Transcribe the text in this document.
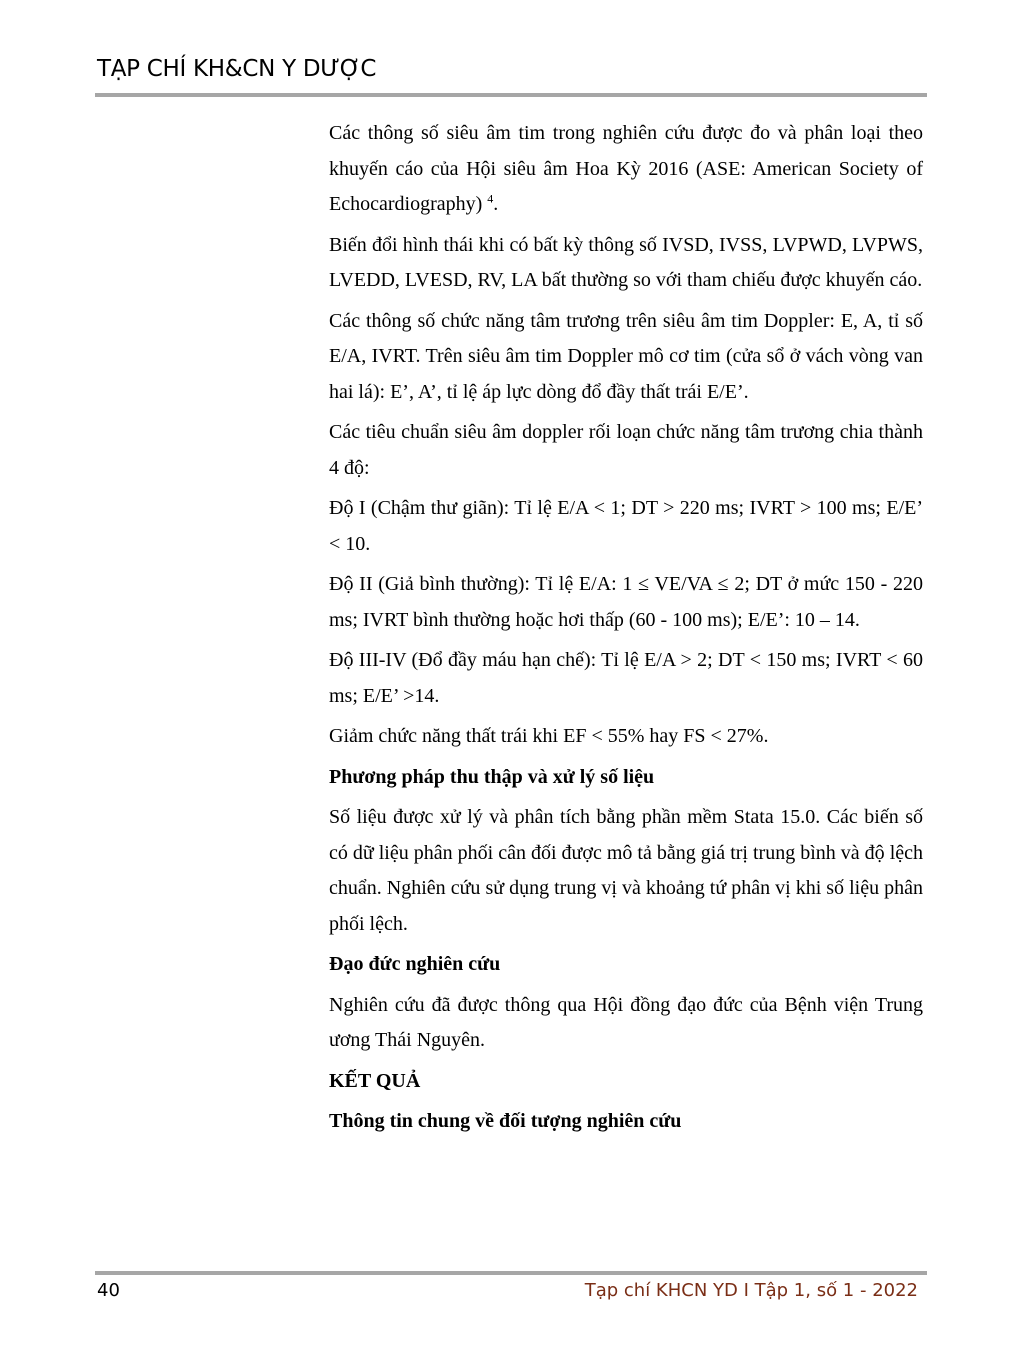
TẠP CHÍ KH&CN Y DƯỢC

Các thông số siêu âm tim trong nghiên cứu được đo và phân loại theo khuyến cáo của Hội siêu âm Hoa Kỳ 2016 (ASE: American Society of Echocardiography) $^4$.

Biến đổi hình thái khi có bất kỳ thông số IVSD, IVSS, LVPWD, LVPWS, LVEDD, LVESD, RV, LA bất thường so với tham chiếu được khuyến cáo.

Các thông số chức năng tâm trương trên siêu âm tim Doppler: E, A, tỉ số E/A, IVRT. Trên siêu âm tim Doppler mô cơ tim (cửa sổ ở vách vòng van hai lá): E’, A’, tỉ lệ áp lực dòng đổ đầy thất trái E/E’.

Các tiêu chuẩn siêu âm doppler rối loạn chức năng tâm trương chia thành 4 độ:

Độ I (Chậm thư giãn): Tỉ lệ E/A < 1; DT > 220 ms; IVRT > 100 ms; E/E’ < 10.

Độ II (Giả bình thường): Tỉ lệ E/A: 1 ≤ VE/VA ≤ 2; DT ở mức 150 - 220 ms; IVRT bình thường hoặc hơi thấp (60 - 100 ms); E/E’: 10 – 14.

Độ III-IV (Đổ đầy máu hạn chế): Tỉ lệ E/A > 2; DT < 150 ms; IVRT < 60 ms; E/E’ >14.

Giảm chức năng thất trái khi EF < 55% hay FS < 27%.

Phương pháp thu thập và xử lý số liệu

Số liệu được xử lý và phân tích bằng phần mềm Stata 15.0. Các biến số có dữ liệu phân phối cân đối được mô tả bằng giá trị trung bình và độ lệch chuẩn. Nghiên cứu sử dụng trung vị và khoảng tứ phân vị khi số liệu phân phối lệch.

Đạo đức nghiên cứu

Nghiên cứu đã được thông qua Hội đồng đạo đức của Bệnh viện Trung ương Thái Nguyên.

KẾT QUẢ
Thông tin chung về đối tượng nghiên cứu
40	Tạp chí KHCN YD I Tập 1, số 1 - 2022
